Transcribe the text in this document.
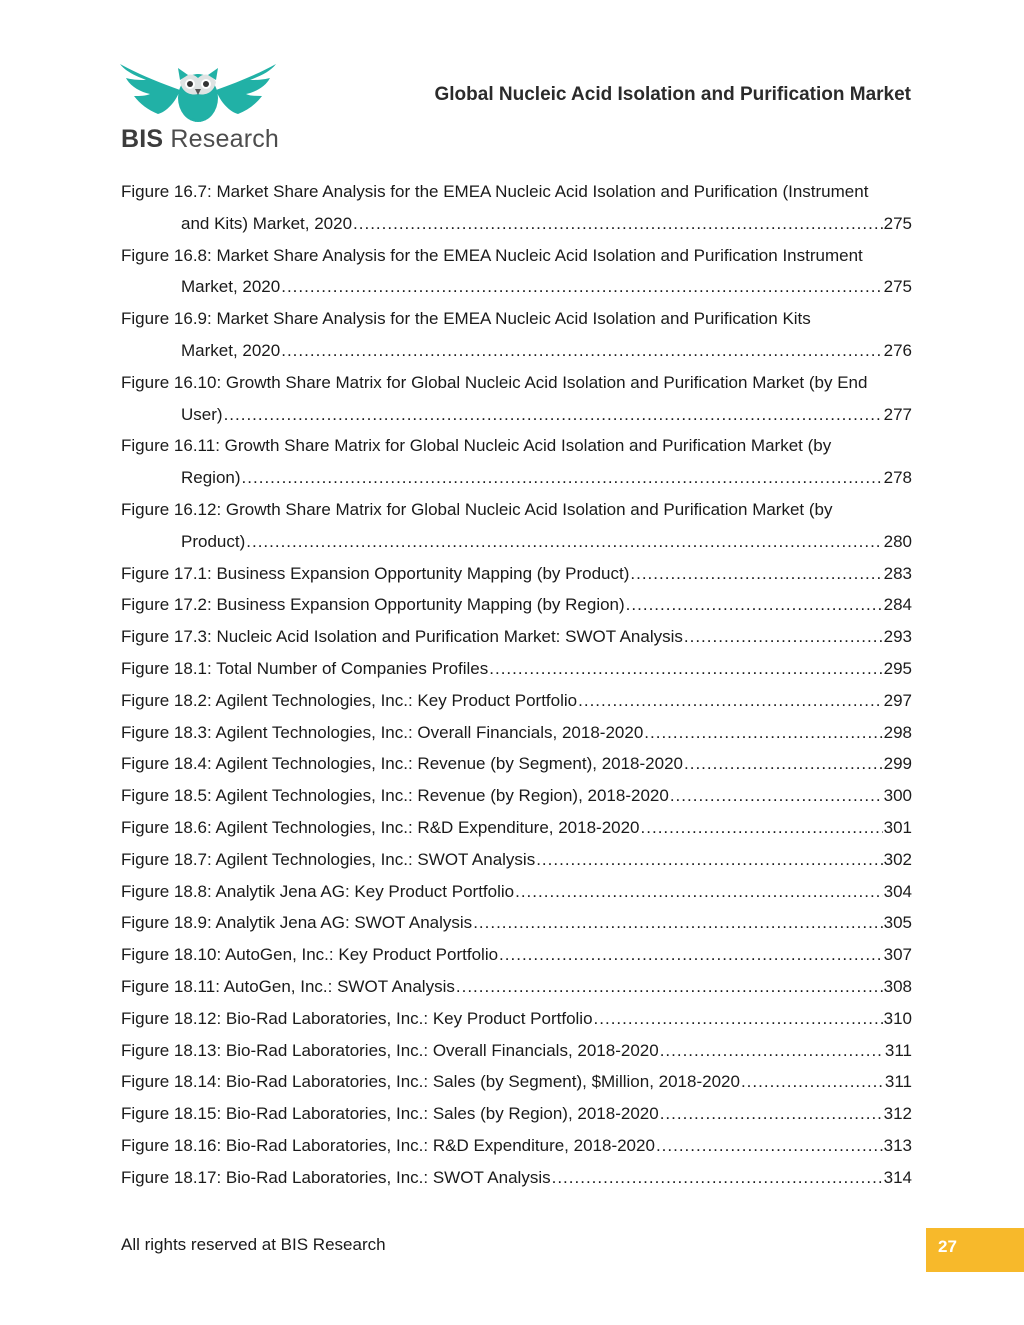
BIS Research
Global Nucleic Acid Isolation and Purification Market
Figure 16.7: Market Share Analysis for the EMEA Nucleic Acid Isolation and Purification (Instrument
and Kits) Market, 2020 .....	275
Figure 16.8: Market Share Analysis for the EMEA Nucleic Acid Isolation and Purification Instrument
Market, 2020 .....	275
Figure 16.9: Market Share Analysis for the EMEA Nucleic Acid Isolation and Purification Kits
Market, 2020 .....	276
Figure 16.10: Growth Share Matrix for Global Nucleic Acid Isolation and Purification Market (by End
User) .....	277
Figure 16.11: Growth Share Matrix for Global Nucleic Acid Isolation and Purification Market (by
Region) .....	278
Figure 16.12: Growth Share Matrix for Global Nucleic Acid Isolation and Purification Market (by
Product) .....	280
Figure 17.1: Business Expansion Opportunity Mapping (by Product) .....	283
Figure 17.2: Business Expansion Opportunity Mapping (by Region) .....	284
Figure 17.3: Nucleic Acid Isolation and Purification Market: SWOT Analysis .....	293
Figure 18.1: Total Number of Companies Profiles .....	295
Figure 18.2: Agilent Technologies, Inc.: Key Product Portfolio .....	297
Figure 18.3: Agilent Technologies, Inc.: Overall Financials, 2018-2020 .....	298
Figure 18.4: Agilent Technologies, Inc.: Revenue (by Segment), 2018-2020 .....	299
Figure 18.5: Agilent Technologies, Inc.: Revenue (by Region), 2018-2020 .....	300
Figure 18.6: Agilent Technologies, Inc.: R&D Expenditure, 2018-2020 .....	301
Figure 18.7: Agilent Technologies, Inc.: SWOT Analysis .....	302
Figure 18.8: Analytik Jena AG: Key Product Portfolio .....	304
Figure 18.9: Analytik Jena AG: SWOT Analysis .....	305
Figure 18.10: AutoGen, Inc.: Key Product Portfolio .....	307
Figure 18.11: AutoGen, Inc.: SWOT Analysis .....	308
Figure 18.12: Bio-Rad Laboratories, Inc.: Key Product Portfolio .....	310
Figure 18.13: Bio-Rad Laboratories, Inc.: Overall Financials, 2018-2020 .....	311
Figure 18.14: Bio-Rad Laboratories, Inc.: Sales (by Segment), $Million, 2018-2020 .....	311
Figure 18.15: Bio-Rad Laboratories, Inc.: Sales (by Region), 2018-2020 .....	312
Figure 18.16: Bio-Rad Laboratories, Inc.: R&D Expenditure, 2018-2020 .....	313
Figure 18.17: Bio-Rad Laboratories, Inc.: SWOT Analysis .....	314
All rights reserved at BIS Research	27
